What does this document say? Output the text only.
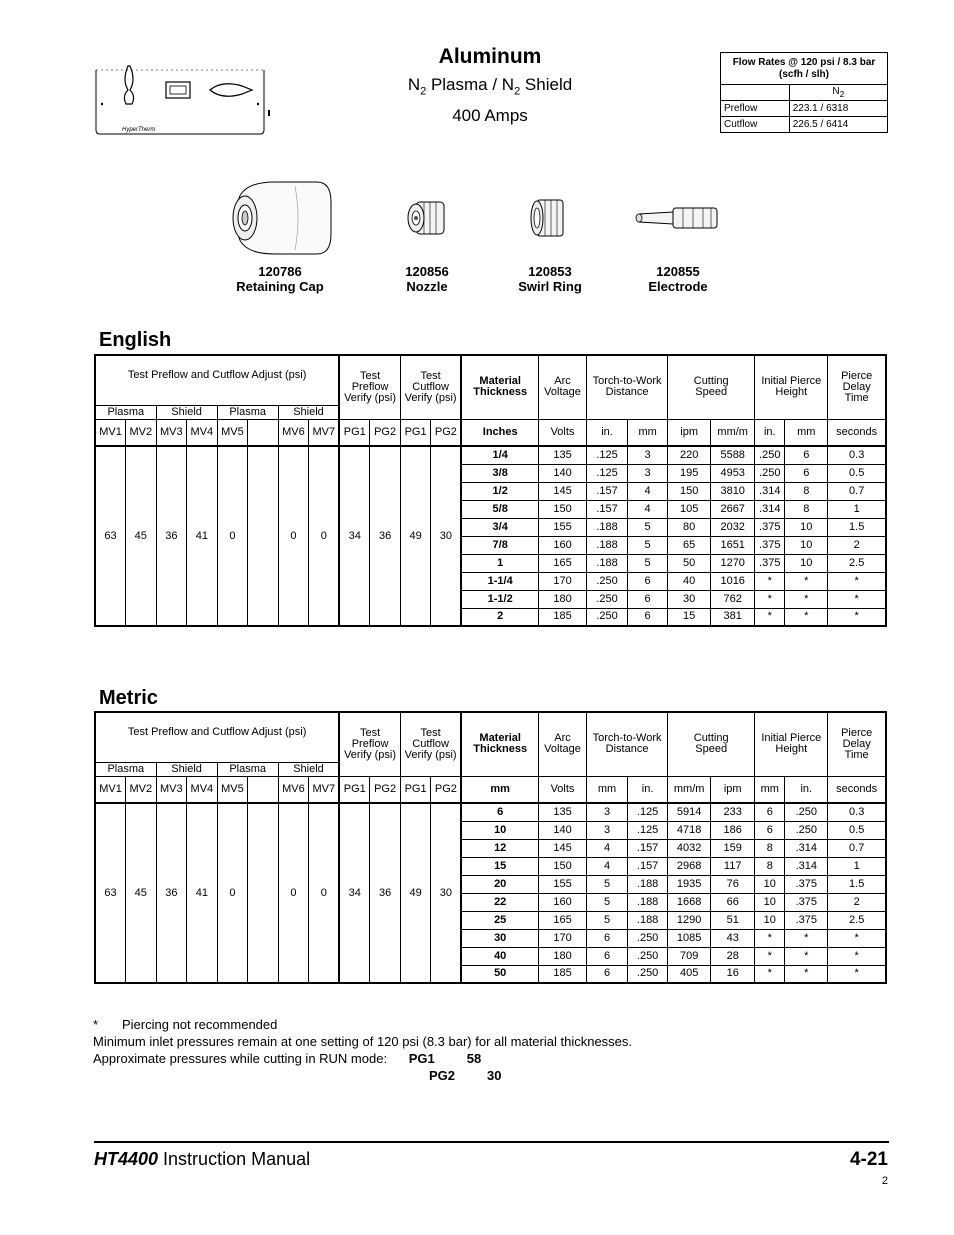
HyperTherm
Aluminum
$N_2$ Plasma / $N_2$ Shield
400 Amps
Flow Rates @ 120 psi / 8.3 bar (scfh / slh)	
	$N_2$
Preflow	223.1 / 6318
Cutflow	226.5 / 6414
120786
Retaining Cap
120856
Nozzle
120853
Swirl Ring
120855
Electrode
English
Test Preflow and Cutflow Adjust (psi)								Test
Preflow
Verify (psi)		Test
Cutflow
Verify (psi)		Material
Thickness	Arc
Voltage	Torch-to-Work
Distance		Cutting
Speed		Initial Pierce
Height		Pierce
Delay
Time
Plasma		Shield		Plasma		Shield														
MV1	MV2	MV3	MV4	MV5		MV6	MV7	PG1	PG2	PG1	PG2	Inches	Volts	in.	mm	ipm	mm/m	in.	mm	seconds
63	45	36	41	0		0	0	34	36	49	30	1/4	135	.125	3	220	5588	.250	6	0.3
												3/8	140	.125	3	195	4953	.250	6	0.5
												1/2	145	.157	4	150	3810	.314	8	0.7
												5/8	150	.157	4	105	2667	.314	8	1
												3/4	155	.188	5	80	2032	.375	10	1.5
												7/8	160	.188	5	65	1651	.375	10	2
												1	165	.188	5	50	1270	.375	10	2.5
												1-1/4	170	.250	6	40	1016	*	*	*
												1-1/2	180	.250	6	30	762	*	*	*
												2	185	.250	6	15	381	*	*	*
Metric
Test Preflow and Cutflow Adjust (psi)								Test
Preflow
Verify (psi)		Test
Cutflow
Verify (psi)		Material
Thickness	Arc
Voltage	Torch-to-Work
Distance		Cutting
Speed		Initial Pierce
Height		Pierce
Delay
Time
Plasma		Shield		Plasma		Shield														
MV1	MV2	MV3	MV4	MV5		MV6	MV7	PG1	PG2	PG1	PG2	mm	Volts	mm	in.	mm/m	ipm	mm	in.	seconds
63	45	36	41	0		0	0	34	36	49	30	6	135	3	.125	5914	233	6	.250	0.3
												10	140	3	.125	4718	186	6	.250	0.5
												12	145	4	.157	4032	159	8	.314	0.7
												15	150	4	.157	2968	117	8	.314	1
												20	155	5	.188	1935	76	10	.375	1.5
												22	160	5	.188	1668	66	10	.375	2
												25	165	5	.188	1290	51	10	.375	2.5
												30	170	6	.250	1085	43	*	*	*
												40	180	6	.250	709	28	*	*	*
												50	185	6	.250	405	16	*	*	*
*	Piercing not recommended
Minimum inlet pressures remain at one setting of 120 psi (8.3 bar) for all material thicknesses.
Approximate pressures while cutting in RUN mode: PG1 58
PG2 30
HT4400 Instruction Manual	4-21
2
